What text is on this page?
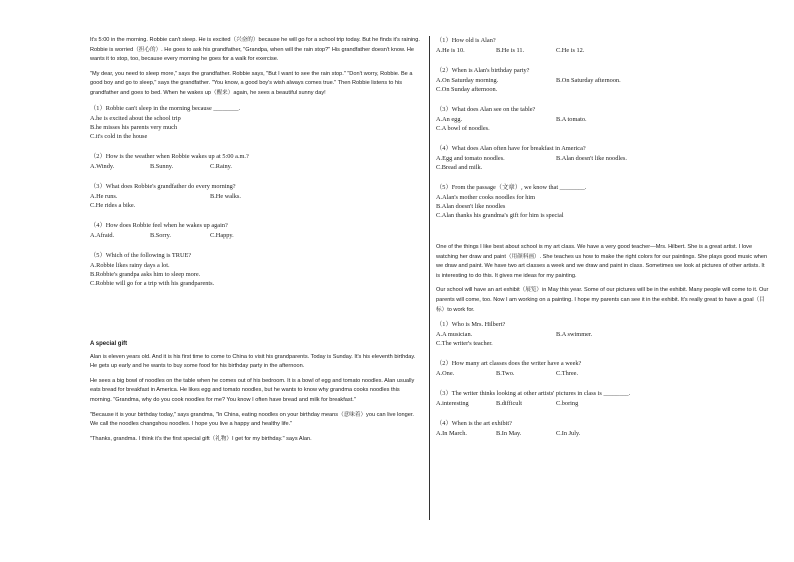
It's 5:00 in the morning. Robbie can't sleep. He is excited（兴奋的）because he will go for a school trip today. But he finds it's raining. Robbie is worried（担心的）. He goes to ask his grandfather, "Grandpa, when will the rain stop?" His grandfather doesn't know. He wants it to stop, too, because every morning he goes for a walk for exercise.

"My dear, you need to sleep more," says the grandfather. Robbie says, "But I want to see the rain stop." "Don't worry, Robbie. Be a good boy and go to sleep," says the grandfather. "You know, a good boy's wish always comes true." Then Robbie listens to his grandfather and goes to bed. When he wakes up（醒来）again, he sees a beautiful sunny day!

（1）Robbie can't sleep in the morning because ________.
A.he is excited about the school trip
B.he misses his parents very much
C.it's cold in the house
（2）How is the weather when Robbie wakes up at 5:00 a.m.?
A.Windy.	B.Sunny.	C.Rainy.
（3）What does Robbie's grandfather do every morning?
A.He runs.	B.He walks.
C.He rides a bike.
（4）How does Robbie feel when he wakes up again?
A.Afraid.	B.Sorry.	C.Happy.
（5）Which of the following is TRUE?
A.Robbie likes rainy days a lot.
B.Robbie's grandpa asks him to sleep more.
C.Robbie will go for a trip with his grandparents.
A special gift

Alan is eleven years old. And it is his first time to come to China to visit his grandparents. Today is Sunday. It's his eleventh birthday. He gets up early and he wants to buy some food for his birthday party in the afternoon.

He sees a big bowl of noodles on the table when he comes out of his bedroom. It is a bowl of egg and tomato noodles. Alan usually eats bread for breakfast in America. He likes egg and tomato noodles, but he wants to know why grandma cooks noodles this morning. "Grandma, why do you cook noodles for me? You know I often have bread and milk for breakfast."

"Because it is your birthday today," says grandma, "In China, eating noodles on your birthday means（意味着）you can live longer. We call the noodles changshou noodles. I hope you live a happy and healthy life."

"Thanks, grandma. I think it's the first special gift（礼物）I get for my birthday." says Alan.

（1）How old is Alan?
A.He is 10.	B.He is 11.	C.He is 12.
（2）When is Alan's birthday party?
A.On Saturday morning.	B.On Saturday afternoon.
C.On Sunday afternoon.
（3）What does Alan see on the table?
A.An egg.	B.A tomato.
C.A bowl of noodles.
（4）What does Alan often have for breakfast in America?
A.Egg and tomato noodles.	B.Alan doesn't like noodles.
C.Bread and milk.
（5）From the passage（文章）, we know that ________.
A.Alan's mother cooks noodles for him
B.Alan doesn't like noodles
C.Alan thanks his grandma's gift for him is special

One of the things I like best about school is my art class. We have a very good teacher—Mrs. Hilbert. She is a great artist. I love watching her draw and paint（用颜料画）. She teaches us how to make the right colors for our paintings. She plays good music when we draw and paint. We have two art classes a week and we draw and paint in class. Sometimes we look at pictures of other artists. It is interesting to do this. It gives me ideas for my painting.

Our school will have an art exhibit（展览）in May this year. Some of our pictures will be in the exhibit. Many people will come to it. Our parents will come, too. Now I am working on a painting. I hope my parents can see it in the exhibit. It's really great to have a goal（目标）to work for.

（1）Who is Mrs. Hilbert?
A.A musician.	B.A swimmer.
C.The writer's teacher.
（2）How many art classes does the writer have a week?
A.One.	B.Two.	C.Three.
（3）The writer thinks looking at other artists' pictures in class is ________.
A.interesting	B.difficult	C.boring
（4）When is the art exhibit?
A.In March.	B.In May.	C.In July.
